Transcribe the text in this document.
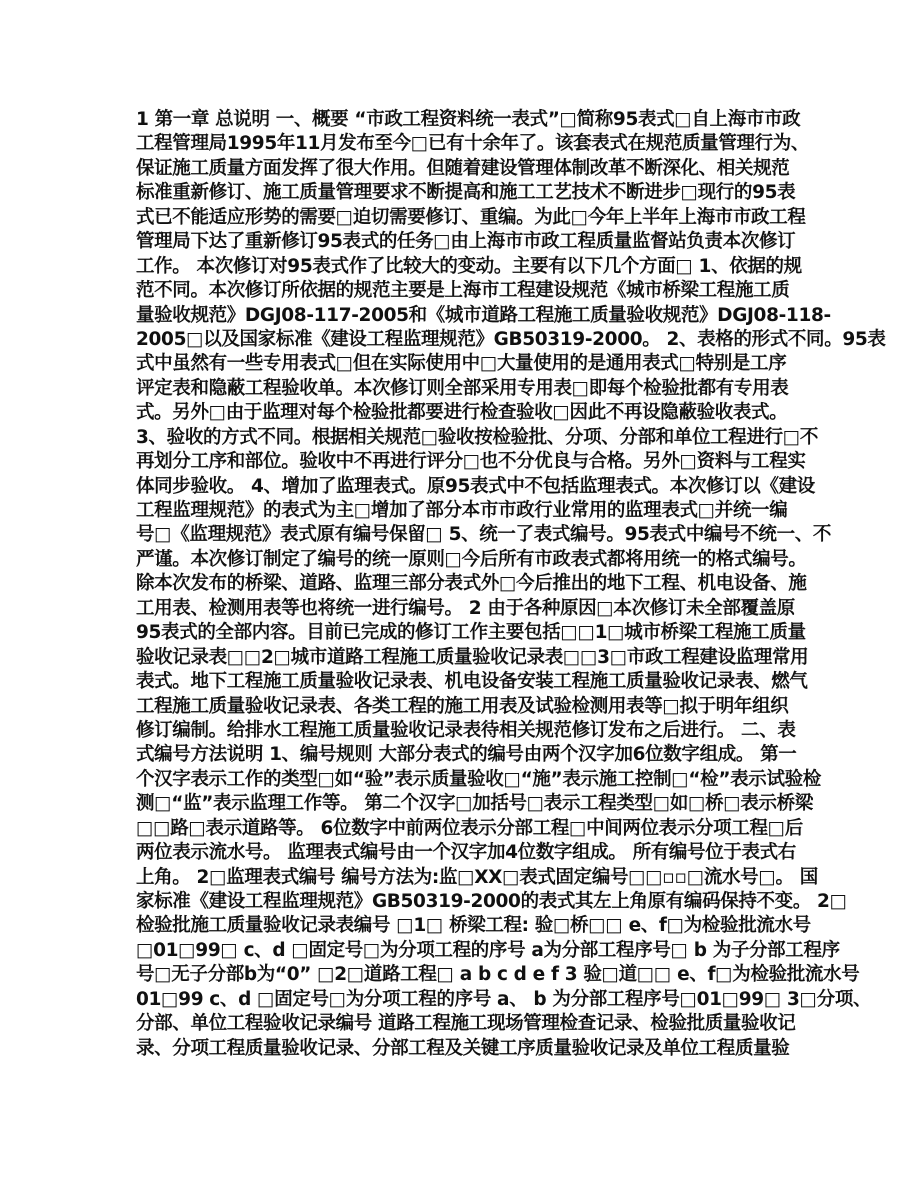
1 第一章 总说明 一、概要 “市政工程资料统一表式”□简称95表式□自上海市市政
工程管理局1995年11月发布至今□已有十余年了。该套表式在规范质量管理行为、
保证施工质量方面发挥了很大作用。但随着建设管理体制改革不断深化、相关规范
标准重新修订、施工质量管理要求不断提高和施工工艺技术不断进步□现行的95表
式已不能适应形势的需要□迫切需要修订、重编。为此□今年上半年上海市市政工程
管理局下达了重新修订95表式的任务□由上海市市政工程质量监督站负责本次修订
工作。 本次修订对95表式作了比较大的变动。主要有以下几个方面□ 1、依据的规
范不同。本次修订所依据的规范主要是上海市工程建设规范《城市桥梁工程施工质
量验收规范》DGJ08-117-2005和《城市道路工程施工质量验收规范》DGJ08-118-
2005□以及国家标准《建设工程监理规范》GB50319-2000。 2、表格的形式不同。95表
式中虽然有一些专用表式□但在实际使用中□大量使用的是通用表式□特别是工序
评定表和隐蔽工程验收单。本次修订则全部采用专用表□即每个检验批都有专用表
式。另外□由于监理对每个检验批都要进行检查验收□因此不再设隐蔽验收表式。
3、验收的方式不同。根据相关规范□验收按检验批、分项、分部和单位工程进行□不
再划分工序和部位。验收中不再进行评分□也不分优良与合格。另外□资料与工程实
体同步验收。 4、增加了监理表式。原95表式中不包括监理表式。本次修订以《建设
工程监理规范》的表式为主□增加了部分本市市政行业常用的监理表式□并统一编
号□《监理规范》表式原有编号保留□ 5、统一了表式编号。95表式中编号不统一、不
严谨。本次修订制定了编号的统一原则□今后所有市政表式都将用统一的格式编号。
除本次发布的桥梁、道路、监理三部分表式外□今后推出的地下工程、机电设备、施
工用表、检测用表等也将统一进行编号。 2 由于各种原因□本次修订未全部覆盖原
95表式的全部内容。目前已完成的修订工作主要包括□□1□城市桥梁工程施工质量
验收记录表□□2□城市道路工程施工质量验收记录表□□3□市政工程建设监理常用
表式。地下工程施工质量验收记录表、机电设备安装工程施工质量验收记录表、燃气
工程施工质量验收记录表、各类工程的施工用表及试验检测用表等□拟于明年组织
修订编制。给排水工程施工质量验收记录表待相关规范修订发布之后进行。 二、表
式编号方法说明 1、编号规则 大部分表式的编号由两个汉字加6位数字组成。 第一
个汉字表示工作的类型□如“验”表示质量验收□“施”表示施工控制□“检”表示试验检
测□“监”表示监理工作等。 第二个汉字□加括号□表示工程类型□如□桥□表示桥梁
□□路□表示道路等。 6位数字中前两位表示分部工程□中间两位表示分项工程□后
两位表示流水号。 监理表式编号由一个汉字加4位数字组成。 所有编号位于表式右
上角。 2□监理表式编号 编号方法为:监□XX□表式固定编号□□▫▫□流水号□。 国
家标准《建设工程监理规范》GB50319-2000的表式其左上角原有编码保持不变。 2□
检验批施工质量验收记录表编号 □1□ 桥梁工程: 验□桥□□ e、f□为检验批流水号
□01□99□ c、d □固定号□为分项工程的序号 a为分部工程序号□ b 为子分部工程序
号□无子分部b为“0” □2□道路工程□ a b c d e f 3 验□道□□ e、f□为检验批流水号
01□99 c、d □固定号□为分项工程的序号 a、 b 为分部工程序号□01□99□ 3□分项、
分部、单位工程验收记录编号 道路工程施工现场管理检查记录、检验批质量验收记
录、分项工程质量验收记录、分部工程及关键工序质量验收记录及单位工程质量验
